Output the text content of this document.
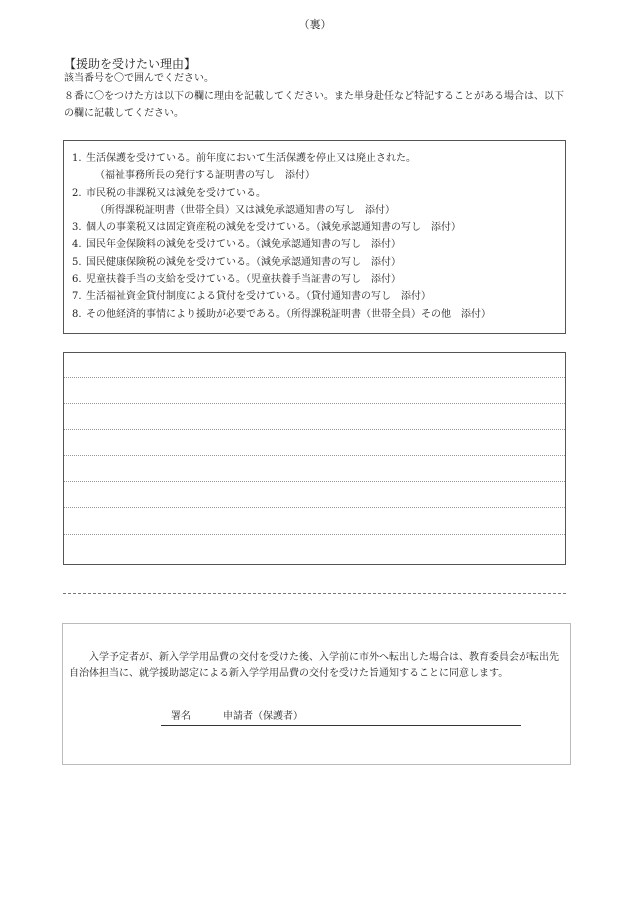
（裏）
【援助を受けたい理由】
該当番号を〇で囲んでください。
８番に〇をつけた方は以下の欄に理由を記載してください。また単身赴任など特記することがある場合は、以下
の欄に記載してください。
1. 生活保護を受けている。前年度において生活保護を停止又は廃止された。
（福祉事務所長の発行する証明書の写し　添付）
2. 市民税の非課税又は減免を受けている。
（所得課税証明書（世帯全員）又は減免承認通知書の写し　添付）
3. 個人の事業税又は固定資産税の減免を受けている。（減免承認通知書の写し　添付）
4. 国民年金保険料の減免を受けている。（減免承認通知書の写し　添付）
5. 国民健康保険税の減免を受けている。（減免承認通知書の写し　添付）
6. 児童扶養手当の支給を受けている。（児童扶養手当証書の写し　添付）
7. 生活福祉資金貸付制度による貸付を受けている。（貸付通知書の写し　添付）
8. その他経済的事情により援助が必要である。（所得課税証明書（世帯全員）その他　添付）
入学予定者が、新入学学用品費の交付を受けた後、入学前に市外へ転出した場合は、教育委員会が転出先自治体担当に、就学援助認定による新入学学用品費の交付を受けた旨通知することに同意します。
署名	申請者（保護者）
